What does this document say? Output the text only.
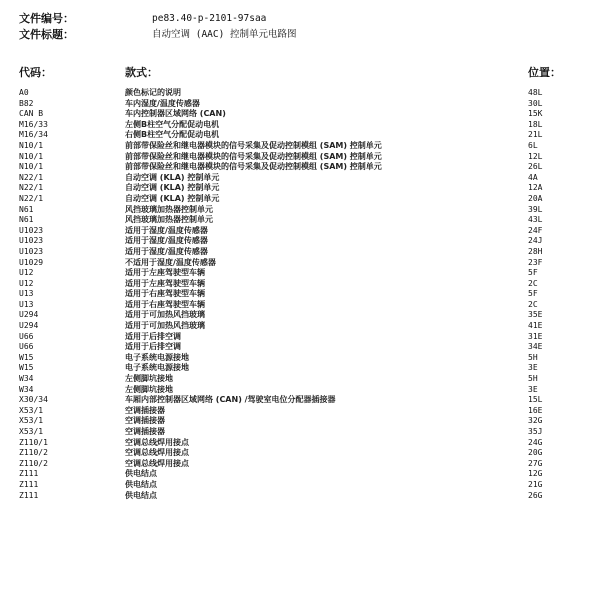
文件编号：	pe83.40-p-2101-97saa
文件标题：	自动空调 (AAC) 控制单元电路图
代码：	款式：	位置：
A0	颜色标记的说明	48L
B82	车内湿度/温度传感器	30L
CAN B	车内控制器区域网络 (CAN)	15K
M16/33	左侧B柱空气分配促动电机	18L
M16/34	右侧B柱空气分配促动电机	21L
N10/1	前部带保险丝和继电器模块的信号采集及促动控制模组 (SAM) 控制单元	6L
N10/1	前部带保险丝和继电器模块的信号采集及促动控制模组 (SAM) 控制单元	12L
N10/1	前部带保险丝和继电器模块的信号采集及促动控制模组 (SAM) 控制单元	26L
N22/1	自动空调 (KLA) 控制单元	4A
N22/1	自动空调 (KLA) 控制单元	12A
N22/1	自动空调 (KLA) 控制单元	20A
N61	风挡玻璃加热器控制单元	39L
N61	风挡玻璃加热器控制单元	43L
U1023	适用于湿度/温度传感器	24F
U1023	适用于湿度/温度传感器	24J
U1023	适用于湿度/温度传感器	28H
U1029	不适用于湿度/温度传感器	23F
U12	适用于左座驾驶型车辆	5F
U12	适用于左座驾驶型车辆	2C
U13	适用于右座驾驶型车辆	5F
U13	适用于右座驾驶型车辆	2C
U294	适用于可加热风挡玻璃	35E
U294	适用于可加热风挡玻璃	41E
U66	适用于后排空调	31E
U66	适用于后排空调	34E
W15	电子系统电源接地	5H
W15	电子系统电源接地	3E
W34	左侧脚坑接地	5H
W34	左侧脚坑接地	3E
X30/34	车厢内部控制器区域网络 (CAN) /驾驶室电位分配器插接器	15L
X53/1	空调插接器	16E
X53/1	空调插接器	32G
X53/1	空调插接器	35J
Z110/1	空调总线焊用接点	24G
Z110/2	空调总线焊用接点	20G
Z110/2	空调总线焊用接点	27G
Z111	供电结点	12G
Z111	供电结点	21G
Z111	供电结点	26G
